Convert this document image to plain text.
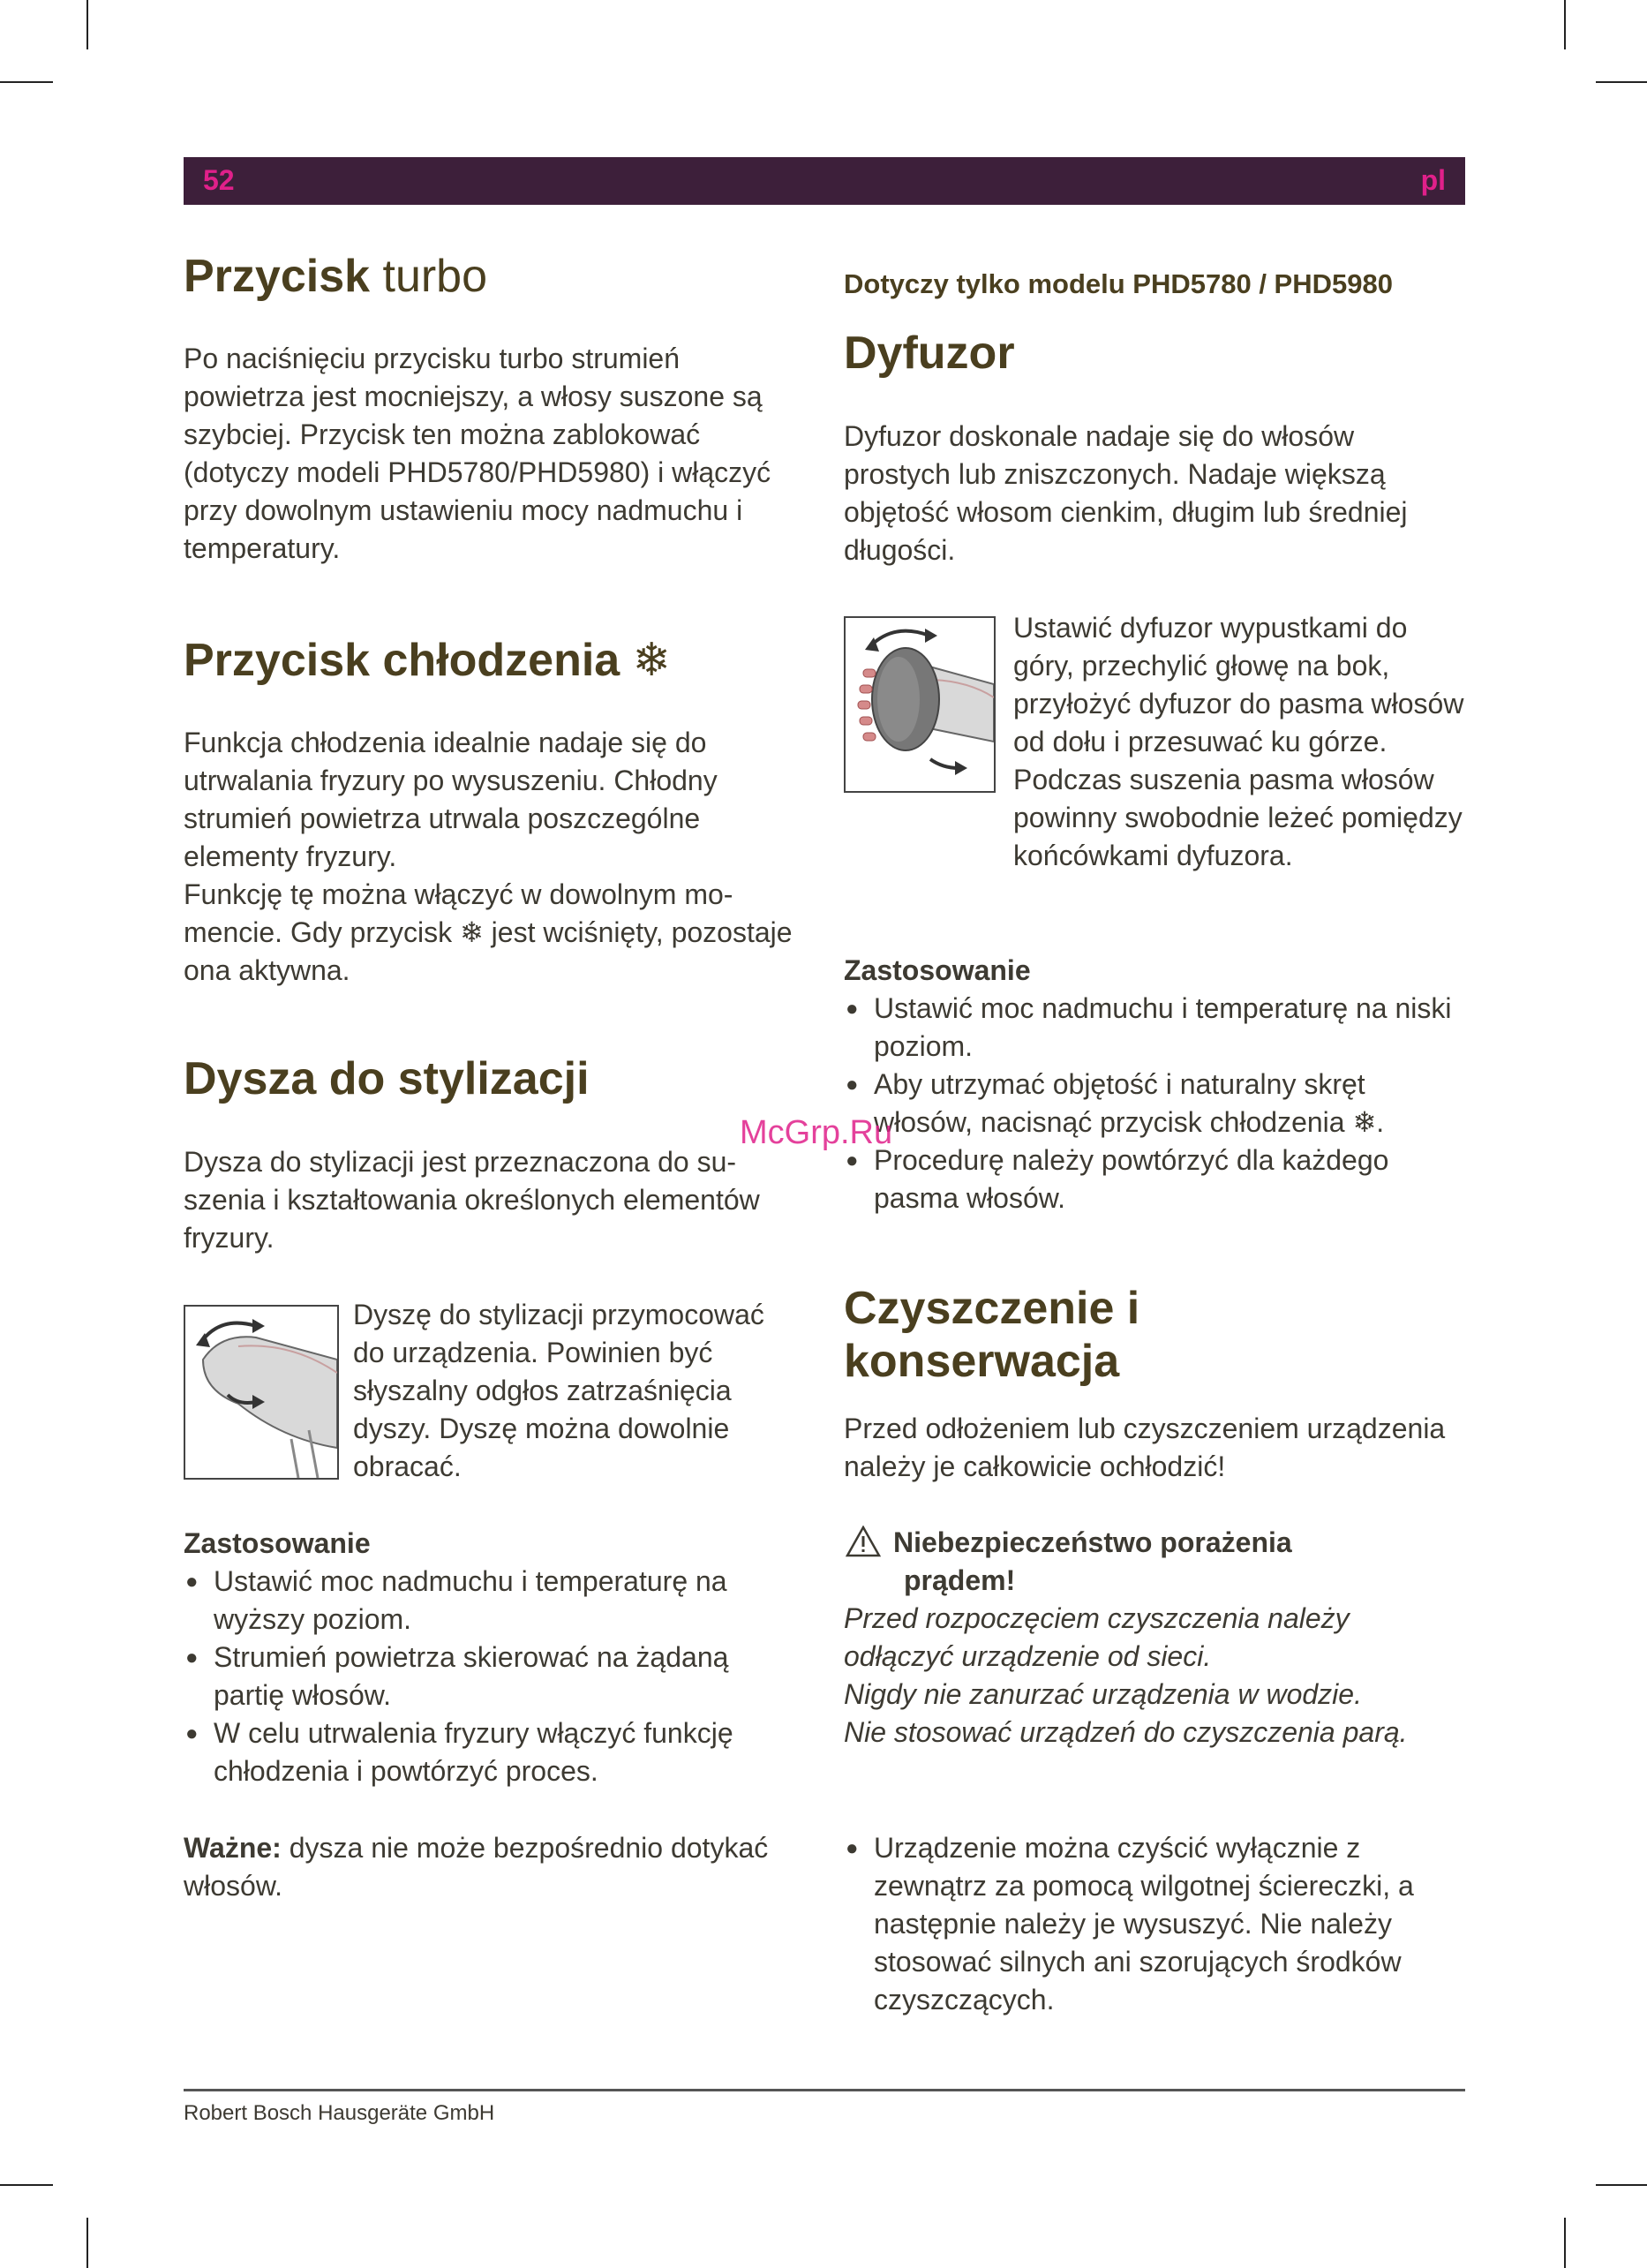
52	pl
Przycisk turbo

Po naciśnięciu przycisku turbo strumień powietrza jest mocniejszy, a włosy suszone są szybciej. Przycisk ten można zablokować (dotyczy modeli PHD5780/PHD5980) i włączyć przy dowolnym ustawieniu mocy nadmuchu i temperatury.

Przycisk chłodzenia ❄

Funkcja chłodzenia idealnie nadaje się do utrwalania fryzury po wysuszeniu. Chłodny strumień powietrza utrwala poszczególne elementy fryzury.

Funkcję tę można włączyć w dowolnym momencie. Gdy przycisk ❄ jest wciśnięty, pozostaje ona aktywna.

Dysza do stylizacji

Dysza do stylizacji jest przeznaczona do suszenia i kształtowania określonych elementów fryzury.

Dyszę do stylizacji przymocować do urządzenia. Powinien być słyszalny odgłos zatrzaśnięcia dyszy. Dyszę można dowolnie obracać.

Zastosowanie
● Ustawić moc nadmuchu i temperaturę na wyższy poziom.
● Strumień powietrza skierować na żądaną partię włosów.
● W celu utrwalenia fryzury włączyć funkcję chłodzenia i powtórzyć proces.

Ważne: dysza nie może bezpośrednio dotykać włosów.

Dotyczy tylko modelu PHD5780 / PHD5980
Dyfuzor

Dyfuzor doskonale nadaje się do włosów prostych lub zniszczonych. Nadaje większą objętość włosom cienkim, długim lub średniej długości.

Ustawić dyfuzor wypustkami do góry, przechylić głowę na bok, przyłożyć dyfuzor do pasma włosów od dołu i przesuwać ku górze. Podczas suszenia pasma włosów powinny swobodnie leżeć pomiędzy końcówkami dyfuzora.

Zastosowanie
● Ustawić moc nadmuchu i temperaturę na niski poziom.
● Aby utrzymać objętość i naturalny skręt włosów, nacisnąć przycisk chłodzenia ❄.
● Procedurę należy powtórzyć dla każdego pasma włosów.
Czyszczenie i
konserwacja

Przed odłożeniem lub czyszczeniem urządzenia należy je całkowicie ochłodzić!

Niebezpieczeństwo porażenia
prądem!

Przed rozpoczęciem czyszczenia należy odłączyć urządzenie od sieci.

Nigdy nie zanurzać urządzenia w wodzie.

Nie stosować urządzeń do czyszczenia parą.

● Urządzenie można czyścić wyłącznie z zewnątrz za pomocą wilgotnej ściereczki, a następnie należy je wysuszyć. Nie należy stosować silnych ani szorujących środków czyszczących.
McGrp.Ru
Robert Bosch Hausgeräte GmbH
